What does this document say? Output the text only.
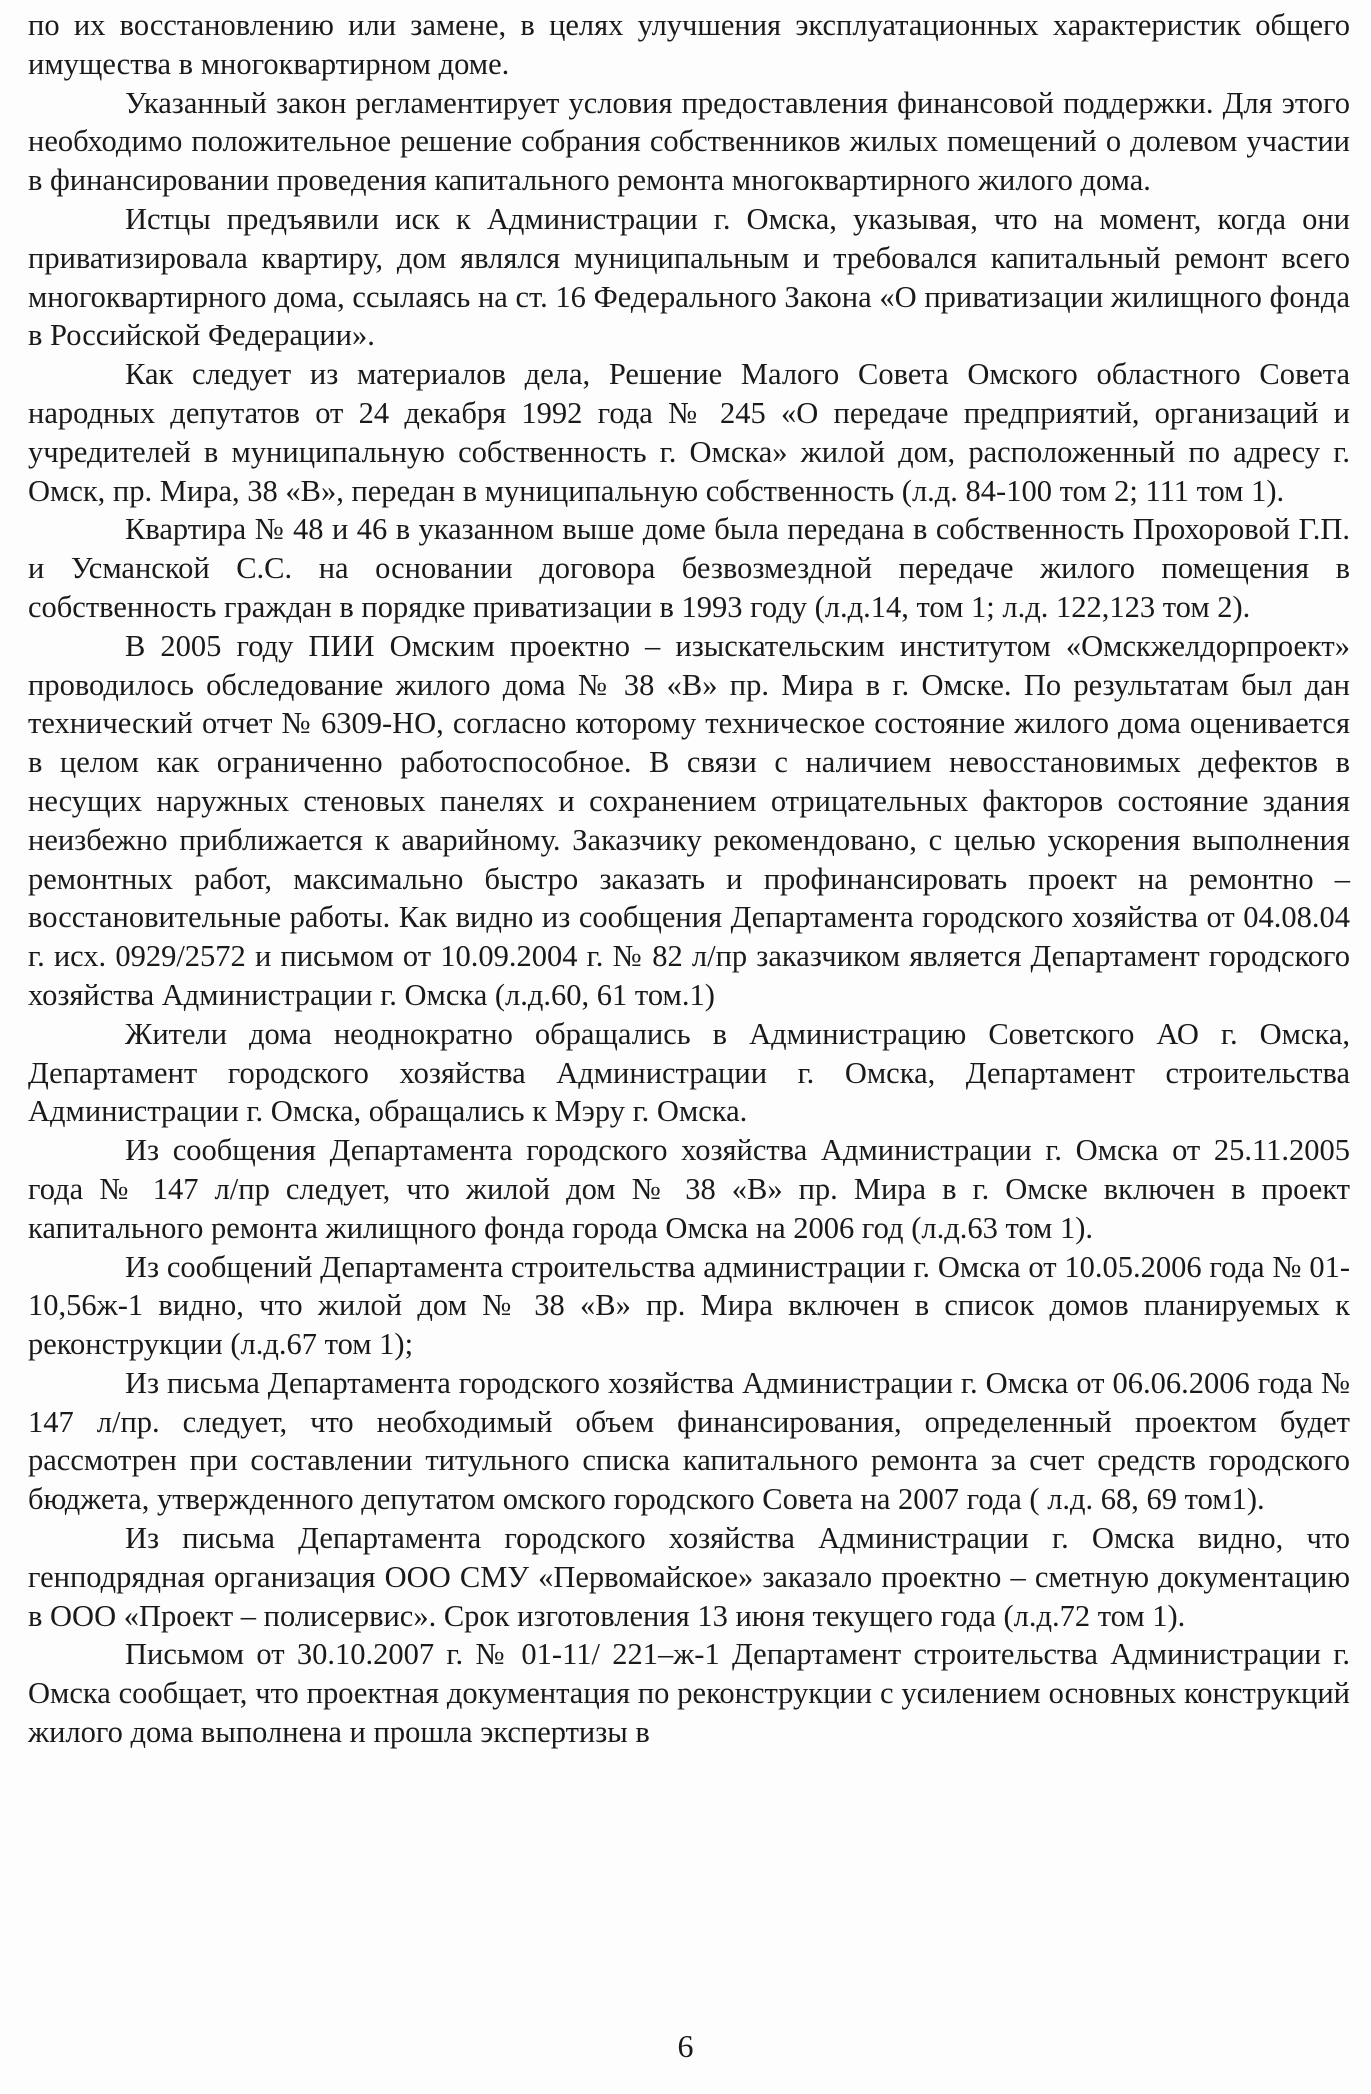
по их восстановлению или замене, в целях улучшения эксплуатационных характеристик общего имущества в многоквартирном доме.

Указанный закон регламентирует условия предоставления финансовой поддержки. Для этого необходимо положительное решение собрания собственников жилых помещений о долевом участии в финансировании проведения капитального ремонта многоквартирного жилого дома.

Истцы предъявили иск к Администрации г. Омска, указывая, что на момент, когда они приватизировала квартиру, дом являлся муниципальным и требовался капитальный ремонт всего многоквартирного дома, ссылаясь на ст. 16 Федерального Закона «О приватизации жилищного фонда в Российской Федерации».

Как следует из материалов дела, Решение Малого Совета Омского областного Совета народных депутатов от 24 декабря 1992 года № 245 «О передаче предприятий, организаций и учредителей в муниципальную собственность г. Омска» жилой дом, расположенный по адресу г. Омск, пр. Мира, 38 «В», передан в муниципальную собственность (л.д. 84-100 том 2; 111 том 1).

Квартира № 48 и 46 в указанном выше доме была передана в собственность Прохоровой Г.П. и Усманской С.С. на основании договора безвозмездной передаче жилого помещения в собственность граждан в порядке приватизации в 1993 году (л.д.14, том 1; л.д. 122,123 том 2).

В 2005 году ПИИ Омским проектно – изыскательским институтом «Омскжелдорпроект» проводилось обследование жилого дома № 38 «В» пр. Мира в г. Омске. По результатам был дан технический отчет № 6309-НО, согласно которому техническое состояние жилого дома оценивается в целом как ограниченно работоспособное. В связи с наличием невосстановимых дефектов в несущих наружных стеновых панелях и сохранением отрицательных факторов состояние здания неизбежно приближается к аварийному. Заказчику рекомендовано, с целью ускорения выполнения ремонтных работ, максимально быстро заказать и профинансировать проект на ремонтно – восстановительные работы. Как видно из сообщения Департамента городского хозяйства от 04.08.04 г. исх. 0929/2572 и письмом от 10.09.2004 г. № 82 л/пр заказчиком является Департамент городского хозяйства Администрации г. Омска (л.д.60, 61 том.1)

Жители дома неоднократно обращались в Администрацию Советского АО г. Омска, Департамент городского хозяйства Администрации г. Омска, Департамент строительства Администрации г. Омска, обращались к Мэру г. Омска.

Из сообщения Департамента городского хозяйства Администрации г. Омска от 25.11.2005 года № 147 л/пр следует, что жилой дом № 38 «В» пр. Мира в г. Омске включен в проект капитального ремонта жилищного фонда города Омска на 2006 год (л.д.63 том 1).

Из сообщений Департамента строительства администрации г. Омска от 10.05.2006 года № 01-10,56ж-1 видно, что жилой дом № 38 «В» пр. Мира включен в список домов планируемых к реконструкции (л.д.67 том 1);

Из письма Департамента городского хозяйства Администрации г. Омска от 06.06.2006 года № 147 л/пр. следует, что необходимый объем финансирования, определенный проектом будет рассмотрен при составлении титульного списка капитального ремонта за счет средств городского бюджета, утвержденного депутатом омского городского Совета на 2007 года ( л.д. 68, 69 том1).

Из письма Департамента городского хозяйства Администрации г. Омска видно, что генподрядная организация ООО СМУ «Первомайское» заказало проектно – сметную документацию в ООО «Проект – полисервис». Срок изготовления 13 июня текущего года (л.д.72 том 1).

Письмом от 30.10.2007 г. № 01-11/ 221–ж-1 Департамент строительства Администрации г. Омска сообщает, что проектная документация по реконструкции с усилением основных конструкций жилого дома выполнена и прошла экспертизы в

6
